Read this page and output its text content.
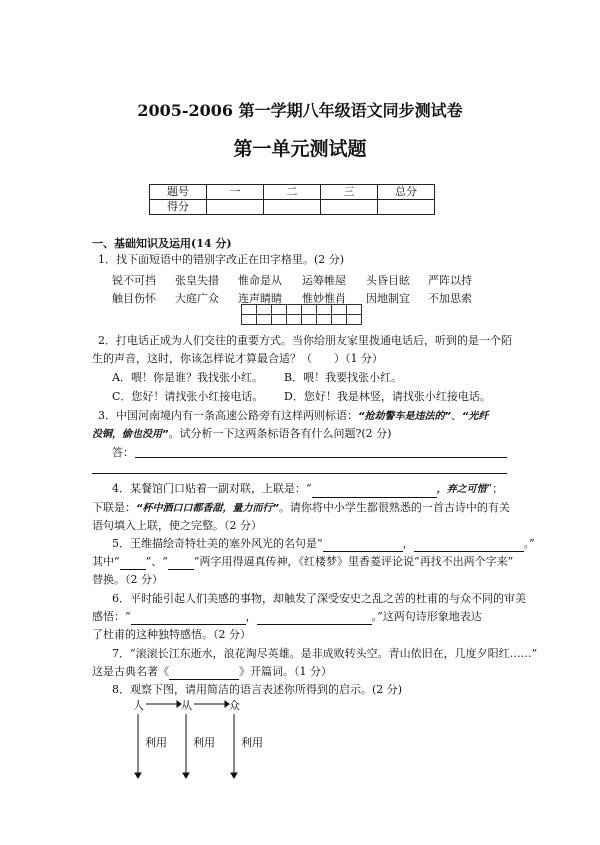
2005-2006 第一学期八年级语文同步测试卷
第一单元测试题
题号	一	二	三	总分
得分				
一、基础知识及运用(14 分)
1．找下面短语中的错别字改正在田字格里。(2 分)
锐不可挡 张皇失措 惟命是从 运筹帷屋 头昏目眩 严阵以持
触目伤怀 大庭广众 连声睛睛 惟妙惟肖 因地制宜 不加思索

2．打电话正成为人们交往的重要方式。当你给朋友家里拨通电话后，听到的是一个陌
生的声音，这时，你该怎样说才算最合适？（　　）（1 分）
A．喂！你是谁？我找张小红。 B．喂！我要找张小红。
C．您好！请找张小红接电话。 D．您好！我是林竖，请找张小红接电话。
3．中国河南境内有一条高速公路旁有这样两则标语：“抢劫警车是违法的”、“光纤
没铜，偷也没用”。试分析一下这两条标语各有什么问题?(2 分)
答：
4．某餐馆门口贴着一副对联，上联是：“	，弃之可惜”；
下联是：“杯中酒口口都香甜，量力而行”。请你将中小学生都很熟悉的一首古诗中的有关
语句填入上联，使之完整。（2 分）
5．王维描绘奇特壮美的塞外风光的名句是“	，	。”
其中“ ”、“ ”两字用得逼真传神，《红楼梦》里香菱评论说“再找不出两个字来”
替换。（2 分）
6．平时能引起人们美感的事物，却触发了深受安史之乱之苦的杜甫的与众不同的审美
感悟：“	，	。”这两句诗形象地表达
了杜甫的这种独特感悟。（2 分）
7．“滚滚长江东逝水，浪花淘尽英雄。是非成败转头空。青山依旧在，几度夕阳红……”
这是古典名著《	》开篇词。（1 分）
8．观察下图，请用简洁的语言表述你所得到的启示。(2 分)
人	从	众
利用 利用 利用
